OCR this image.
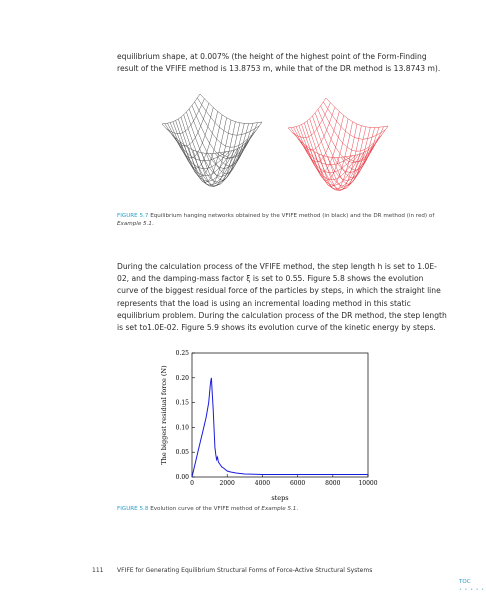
equilibrium shape, at 0.007% (the height of the highest point of the Form-Finding result of the VFIFE method is 13.8753 m, while that of the DR method is 13.8743 m).

FIGURE 5.7 Equilibrium hanging networks obtained by the VFIFE method (in black) and the DR method (in red) of Example 5.1.

During the calculation process of the VFIFE method, the step length h is set to 1.0E-02, and the damping-mass factor ξ is set to 0.55. Figure 5.8 shows the evolution curve of the biggest residual force of the particles by steps, in which the straight line represents that the load is using an incremental loading method in this static equilibrium problem. During the calculation process of the DR method, the step length is set to1.0E-02. Figure 5.9 shows its evolution curve of the kinetic energy by steps.

0.00
0.05
0.10
0.15
0.20
0.25
0	2000	4000	6000	8000	10000
steps
The biggest residual force (N)
FIGURE 5.8 Evolution curve of the VFIFE method of Example 5.1.
111 VFIFE for Generating Equilibrium Structural Forms of Force-Active Structural Systems
TOC
• • • • •
